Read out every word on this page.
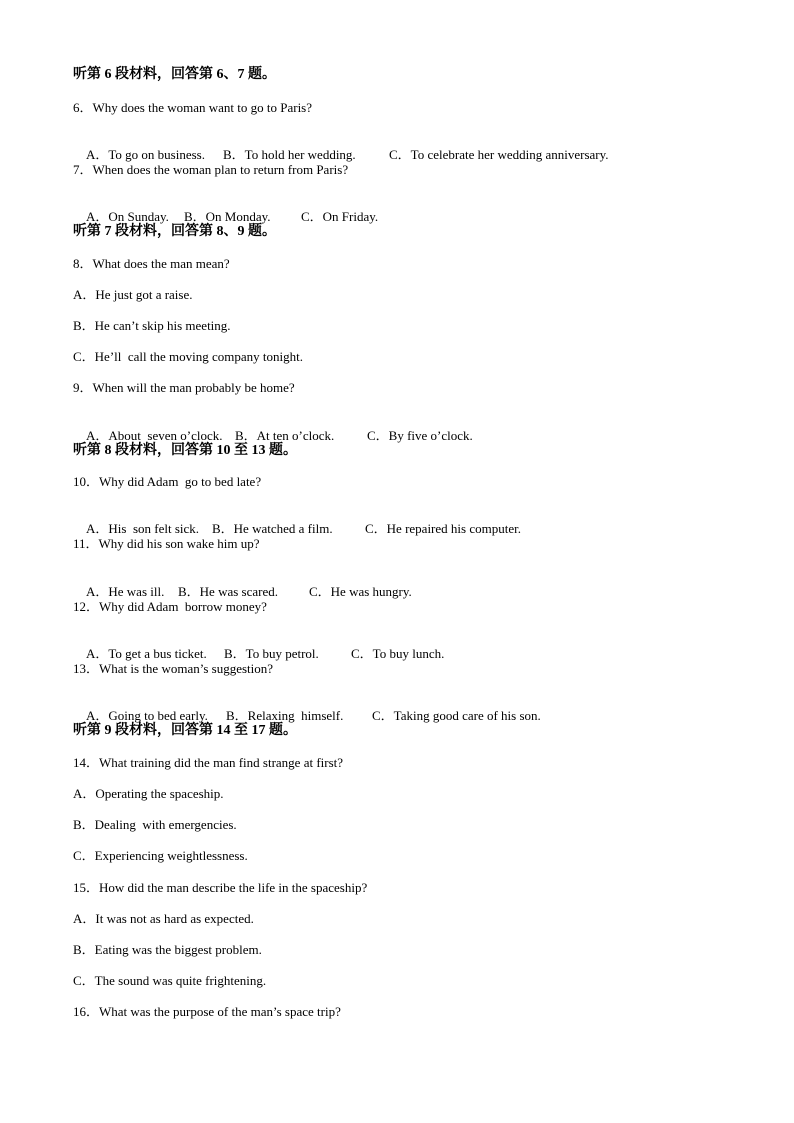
听第 6 段材料，回答第 6、7 题。
6．Why does the woman want to go to Paris?

A．To go on business. B．To hold her wedding.	C．To celebrate her wedding anniversary.

7．When does the woman plan to return from Paris?

A．On Sunday. B．On Monday. C．On Friday.

听第 7 段材料，回答第 8、9 题。
8．What does the man mean?
A．He just got a raise.
B．He can’t skip his meeting.
C．He’ll  call the moving company tonight.
9．When will the man probably be home?

A．About  seven o’clock. B．At ten o’clock.	C．By five o’clock.

听第 8 段材料，回答第 10 至 13 题。
10．Why did Adam  go to bed late?

A．His  son felt sick. B．He watched a film. C．He repaired his computer.

11．Why did his son wake him up?

A．He was ill. B．He was scared. C．He was hungry.

12．Why did Adam  borrow money?

A．To get a bus ticket. B．To buy petrol. C．To buy lunch.

13．What is the woman’s suggestion?

A．Going to bed early. B．Relaxing  himself. C．Taking good care of his son.

听第 9 段材料，回答第 14 至 17 题。
14．What training did the man find strange at first?
A．Operating the spaceship.
B．Dealing  with emergencies.
C．Experiencing weightlessness.
15．How did the man describe the life in the spaceship?
A．It was not as hard as expected.
B．Eating was the biggest problem.
C．The sound was quite frightening.
16．What was the purpose of the man’s space trip?
